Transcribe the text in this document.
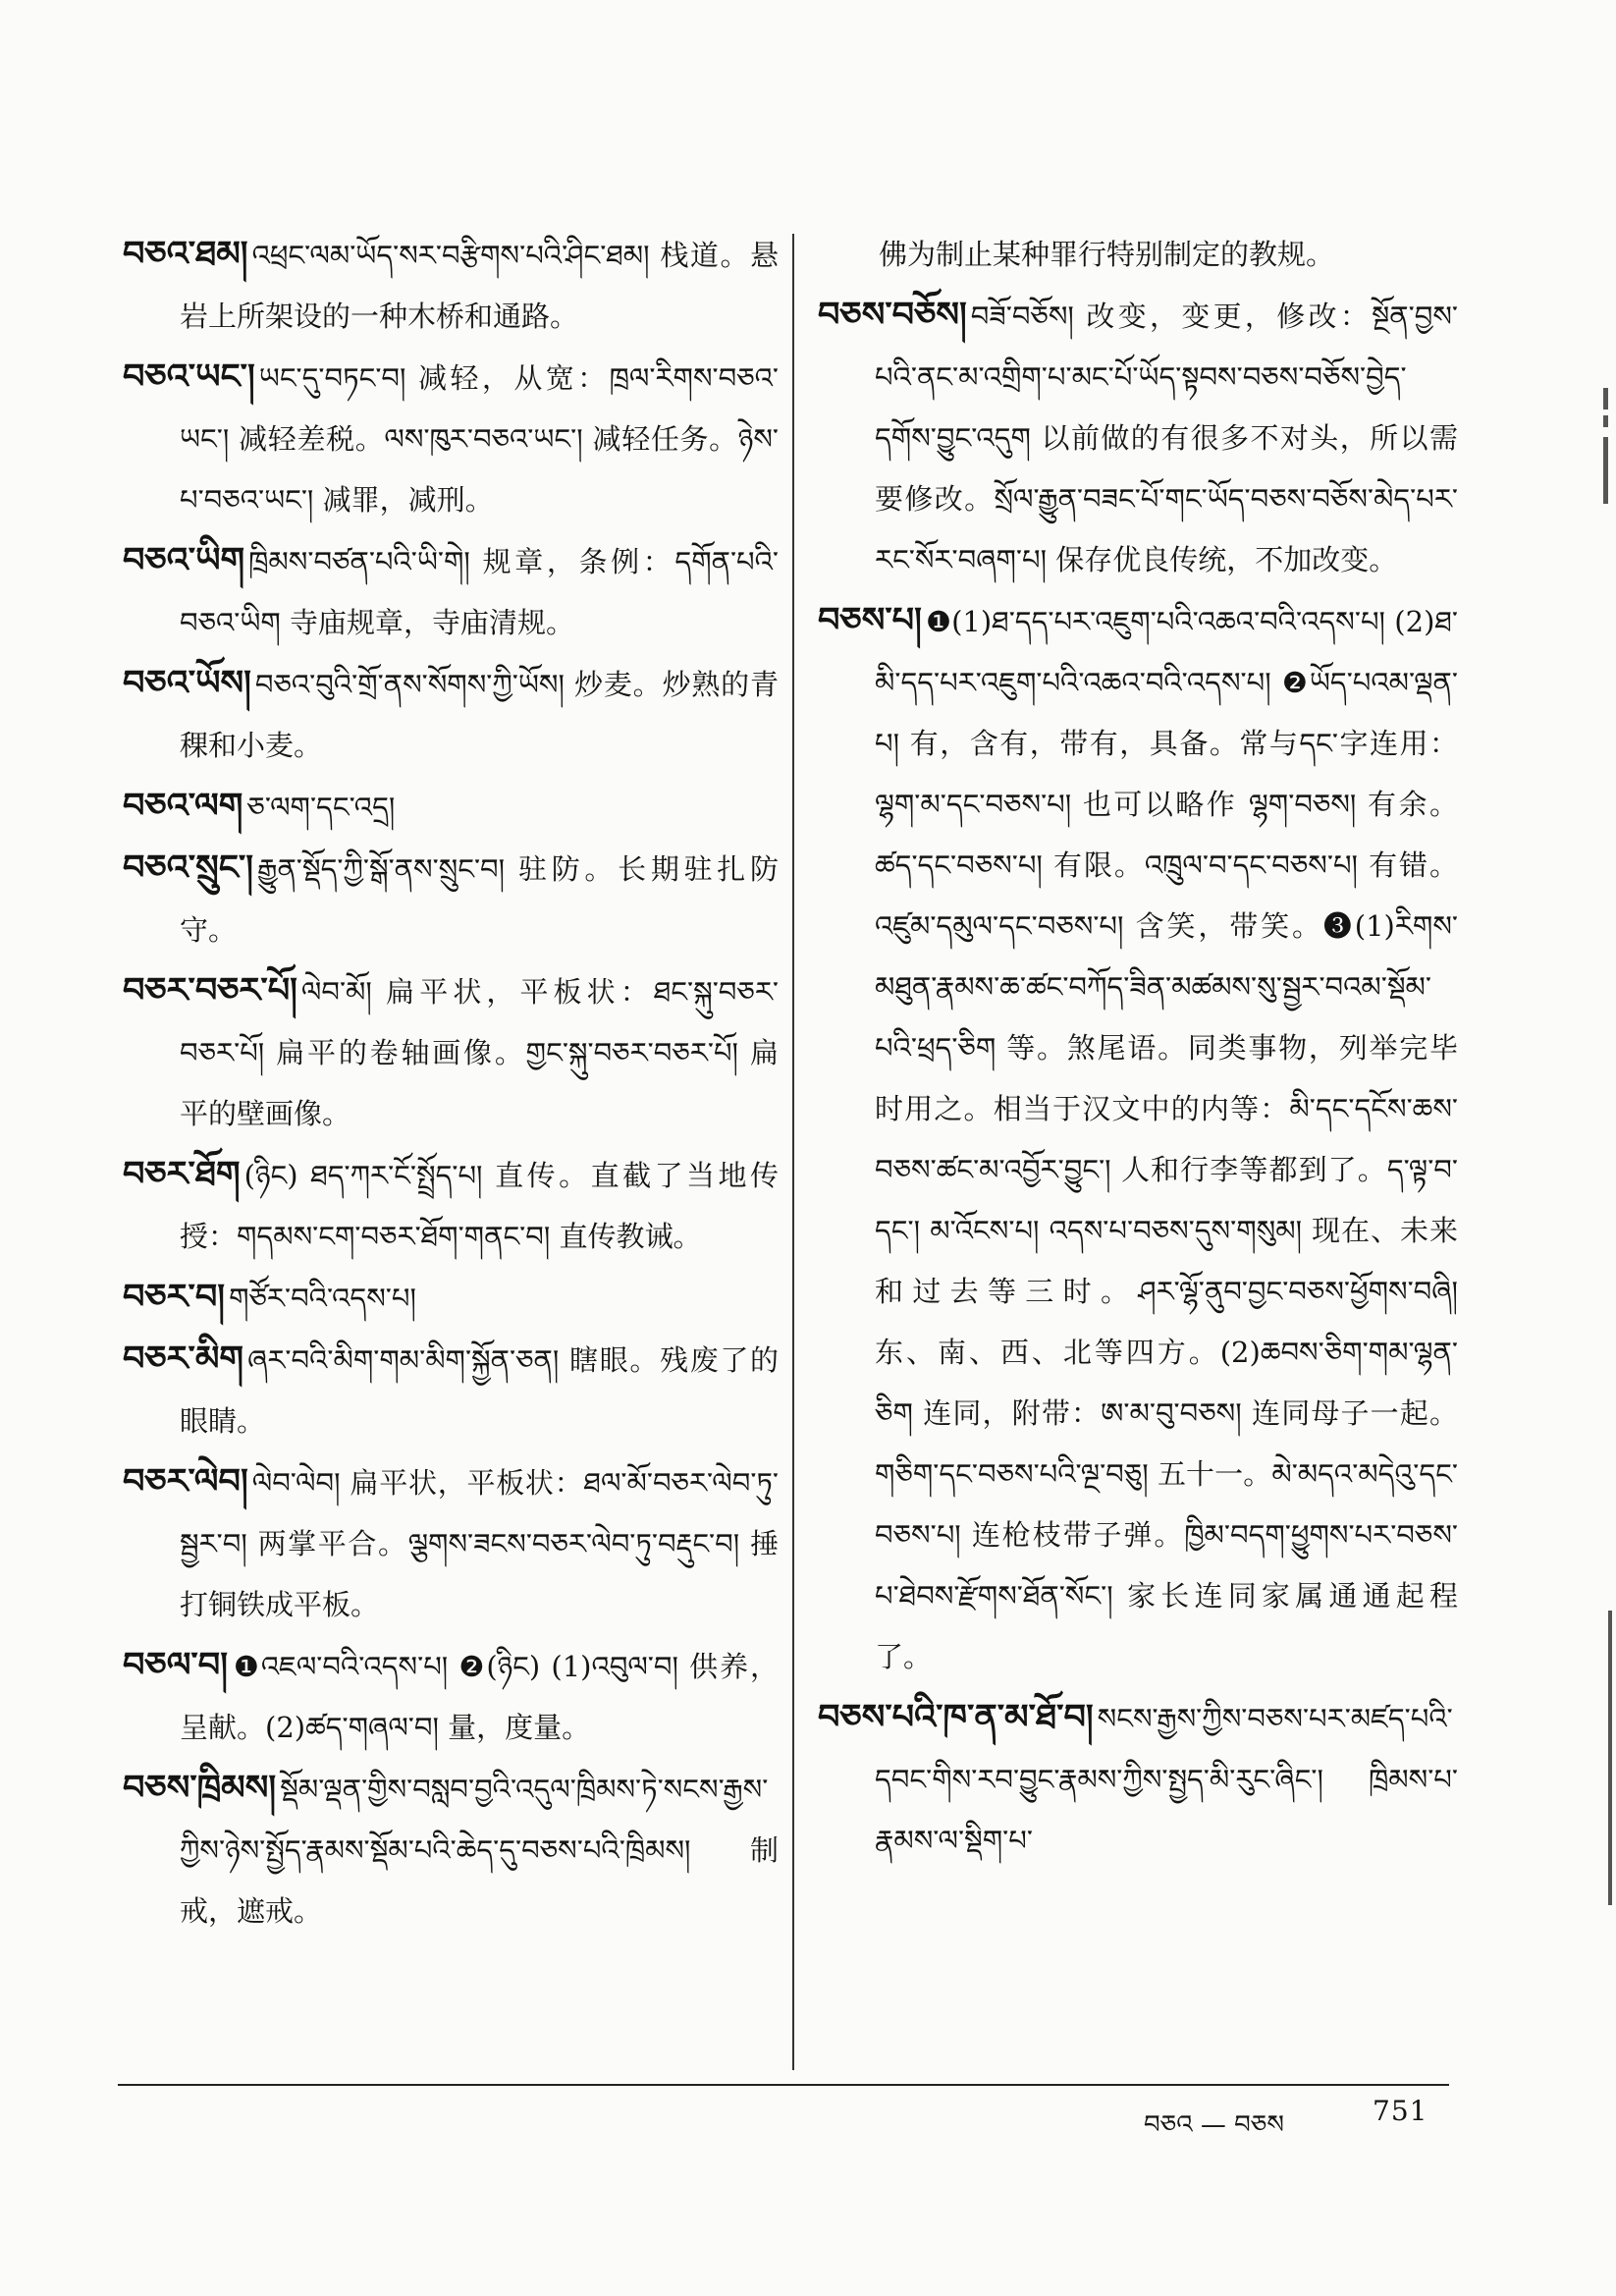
བཅའ་ཐམ། འཕྲང་ལམ་ཡོད་སར་བརྩིགས་པའི་ཤིང་ཐམ། 栈道。悬岩上所架设的一种木桥和通路。

བཅའ་ཡང་། ཡང་དུ་བཏང་བ། 减轻，从宽：ཁྲལ་རིགས་བཅའ་ཡང་། 减轻差税。ལས་ཁུར་བཅའ་ཡང་། 减轻任务。ཉེས་པ་བཅའ་ཡང་། 减罪，减刑。

བཅའ་ཡིག ཁྲིམས་བཙན་པའི་ཡི་གེ། 规章，条例：དགོན་པའི་བཅའ་ཡིག 寺庙规章，寺庙清规。

བཅའ་ཡོས། བཅའ་བུའི་གྲོ་ནས་སོགས་ཀྱི་ཡོས། 炒麦。炒熟的青稞和小麦。

བཅའ་ལག ཅ་ལག་དང་འདྲ།

བཅའ་སྲུང་། རྒྱུན་སྡོད་ཀྱི་སྒོ་ནས་སྲུང་བ། 驻防。长期驻扎防守。

བཅར་བཅར་པོ། ལེབ་མོ། 扁平状，平板状：ཐང་སྐུ་བཅར་བཅར་པོ། 扁平的卷轴画像。གྱང་སྐུ་བཅར་བཅར་པོ། 扁平的壁画像。

བཅར་ཐོག (ཉིང) ཐད་ཀར་ངོ་སྤྲོད་པ། 直传。直截了当地传授：གདམས་ངག་བཅར་ཐོག་གནང་བ། 直传教诫。

བཅར་བ། གཙོར་བའི་འདས་པ།

བཅར་མིག ཞར་བའི་མིག་གམ་མིག་སྐྱོན་ཅན། 瞎眼。残废了的眼睛。

བཅར་ལེབ། ལེབ་ལེབ། 扁平状，平板状：ཐལ་མོ་བཅར་ལེབ་ཏུ་སྦྱར་བ། 两掌平合。ལྕགས་ཟངས་བཅར་ལེབ་ཏུ་བརྡུང་བ། 捶打铜铁成平板。

བཅལ་བ། ❶འཇལ་བའི་འདས་པ། ❷(ཉིང) (1)འབུལ་བ། 供养，呈献。(2)ཚད་གཞལ་བ། 量，度量。

བཅས་ཁྲིམས། སྡོམ་ལྡན་གྱིས་བསླབ་བྱའི་འདུལ་ཁྲིམས་ཏེ་སངས་རྒྱས་ཀྱིས་ཉེས་སྤྱོད་རྣམས་སྡོམ་པའི་ཆེད་དུ་བཅས་པའི་ཁྲིམས། 制戒，遮戒。

佛为制止某种罪行特别制定的教规。

བཅས་བཅོས། བཟོ་བཅོས། 改变，变更，修改：སྔོན་བྱས་པའི་ནང་མ་འགྲིག་པ་མང་པོ་ཡོད་སྟབས་བཅས་བཅོས་བྱེད་དགོས་བྱུང་འདུག 以前做的有很多不对头，所以需要修改。སྲོལ་རྒྱུན་བཟང་པོ་གང་ཡོད་བཅས་བཅོས་མེད་པར་རང་སོར་བཞག་པ། 保存优良传统，不加改变。

བཅས་པ། ❶(1)ཐ་དད་པར་འཇུག་པའི་འཆའ་བའི་འདས་པ། (2)ཐ་མི་དད་པར་འཇུག་པའི་འཆའ་བའི་འདས་པ། ❷ཡོད་པའམ་ལྡན་པ། 有，含有，带有，具备。常与དང་字连用：ལྷག་མ་དང་བཅས་པ། 也可以略作 ལྷག་བཅས། 有余。ཚད་དང་བཅས་པ། 有限。འཁྲུལ་བ་དང་བཅས་པ། 有错。འཛུམ་དམུལ་དང་བཅས་པ། 含笑，带笑。❸(1)རིགས་མཐུན་རྣམས་ཆ་ཚང་བཀོད་ཟིན་མཚམས་སུ་སྦྱར་བའམ་སྡོམ་པའི་ཕྲད་ཅིག 等。煞尾语。同类事物，列举完毕时用之。相当于汉文中的内等：མི་དང་དངོས་ཆས་བཅས་ཚང་མ་འབྱོར་བྱུང་། 人和行李等都到了。ད་ལྟ་བ་དང་། མ་འོངས་པ། འདས་པ་བཅས་དུས་གསུམ། 现在、未来和过去等三时。ཤར་ལྷོ་ནུབ་བྱང་བཅས་ཕྱོགས་བཞི། 东、南、西、北等四方。(2)ཆབས་ཅིག་གམ་ལྷན་ཅིག 连同，附带：ཨ་མ་བུ་བཅས། 连同母子一起。གཅིག་དང་བཅས་པའི་ལྔ་བཅུ། 五十一。མེ་མདའ་མདེའུ་དང་བཅས་པ། 连枪枝带子弹。ཁྱིམ་བདག་ཕྱུགས་པར་བཅས་པ་ཐེབས་རྫོགས་ཐོན་སོང་། 家长连同家属通通起程了。

བཅས་པའི་ཁ་ན་མ་ཐོ་བ། སངས་རྒྱས་ཀྱིས་བཅས་པར་མཛད་པའི་དབང་གིས་རབ་བྱུང་རྣམས་ཀྱིས་སྤྱད་མི་རུང་ཞིང་། ཁྲིམས་པ་རྣམས་ལ་སྡིག་པ་

བཅའ — བཅས	751
